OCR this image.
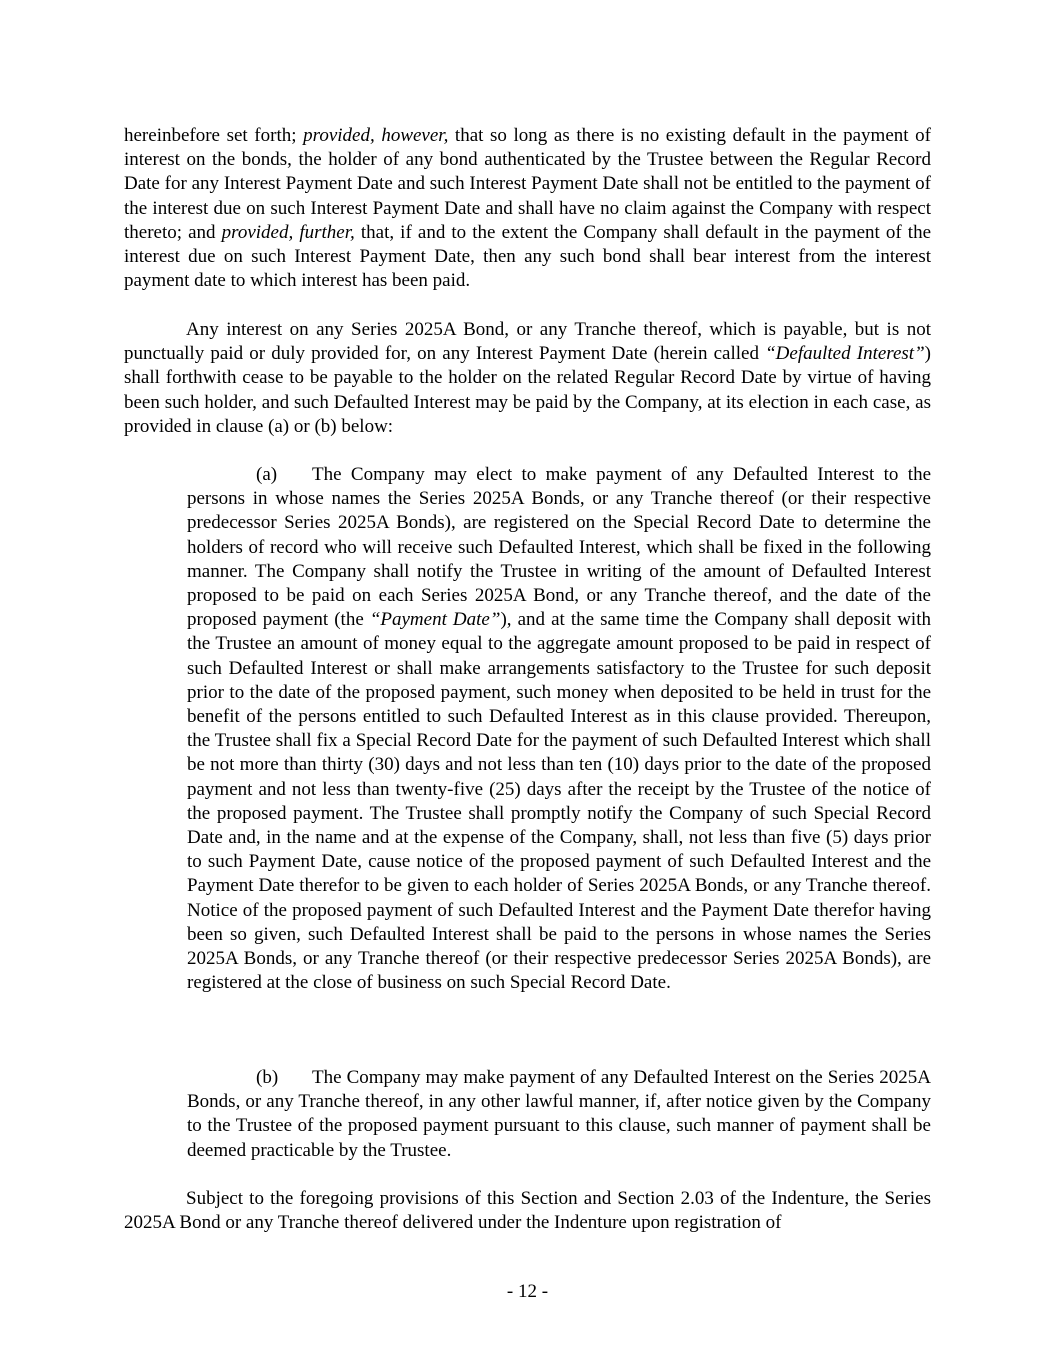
hereinbefore set forth; provided, however, that so long as there is no existing default in the payment of interest on the bonds, the holder of any bond authenticated by the Trustee between the Regular Record Date for any Interest Payment Date and such Interest Payment Date shall not be entitled to the payment of the interest due on such Interest Payment Date and shall have no claim against the Company with respect thereto; and provided, further, that, if and to the extent the Company shall default in the payment of the interest due on such Interest Payment Date, then any such bond shall bear interest from the interest payment date to which interest has been paid.

Any interest on any Series 2025A Bond, or any Tranche thereof, which is payable, but is not punctually paid or duly provided for, on any Interest Payment Date (herein called “Defaulted Interest”) shall forthwith cease to be payable to the holder on the related Regular Record Date by virtue of having been such holder, and such Defaulted Interest may be paid by the Company, at its election in each case, as provided in clause (a) or (b) below:

(a) The Company may elect to make payment of any Defaulted Interest to the persons in whose names the Series 2025A Bonds, or any Tranche thereof (or their respective predecessor Series 2025A Bonds), are registered on the Special Record Date to determine the holders of record who will receive such Defaulted Interest, which shall be fixed in the following manner. The Company shall notify the Trustee in writing of the amount of Defaulted Interest proposed to be paid on each Series 2025A Bond, or any Tranche thereof, and the date of the proposed payment (the “Payment Date”), and at the same time the Company shall deposit with the Trustee an amount of money equal to the aggregate amount proposed to be paid in respect of such Defaulted Interest or shall make arrangements satisfactory to the Trustee for such deposit prior to the date of the proposed payment, such money when deposited to be held in trust for the benefit of the persons entitled to such Defaulted Interest as in this clause provided. Thereupon, the Trustee shall fix a Special Record Date for the payment of such Defaulted Interest which shall be not more than thirty (30) days and not less than ten (10) days prior to the date of the proposed payment and not less than twenty-five (25) days after the receipt by the Trustee of the notice of the proposed payment. The Trustee shall promptly notify the Company of such Special Record Date and, in the name and at the expense of the Company, shall, not less than five (5) days prior to such Payment Date, cause notice of the proposed payment of such Defaulted Interest and the Payment Date therefor to be given to each holder of Series 2025A Bonds, or any Tranche thereof. Notice of the proposed payment of such Defaulted Interest and the Payment Date therefor having been so given, such Defaulted Interest shall be paid to the persons in whose names the Series 2025A Bonds, or any Tranche thereof (or their respective predecessor Series 2025A Bonds), are registered at the close of business on such Special Record Date.

(b) The Company may make payment of any Defaulted Interest on the Series 2025A Bonds, or any Tranche thereof, in any other lawful manner, if, after notice given by the Company to the Trustee of the proposed payment pursuant to this clause, such manner of payment shall be deemed practicable by the Trustee.

Subject to the foregoing provisions of this Section and Section 2.03 of the Indenture, the Series 2025A Bond or any Tranche thereof delivered under the Indenture upon registration of

- 12 -
